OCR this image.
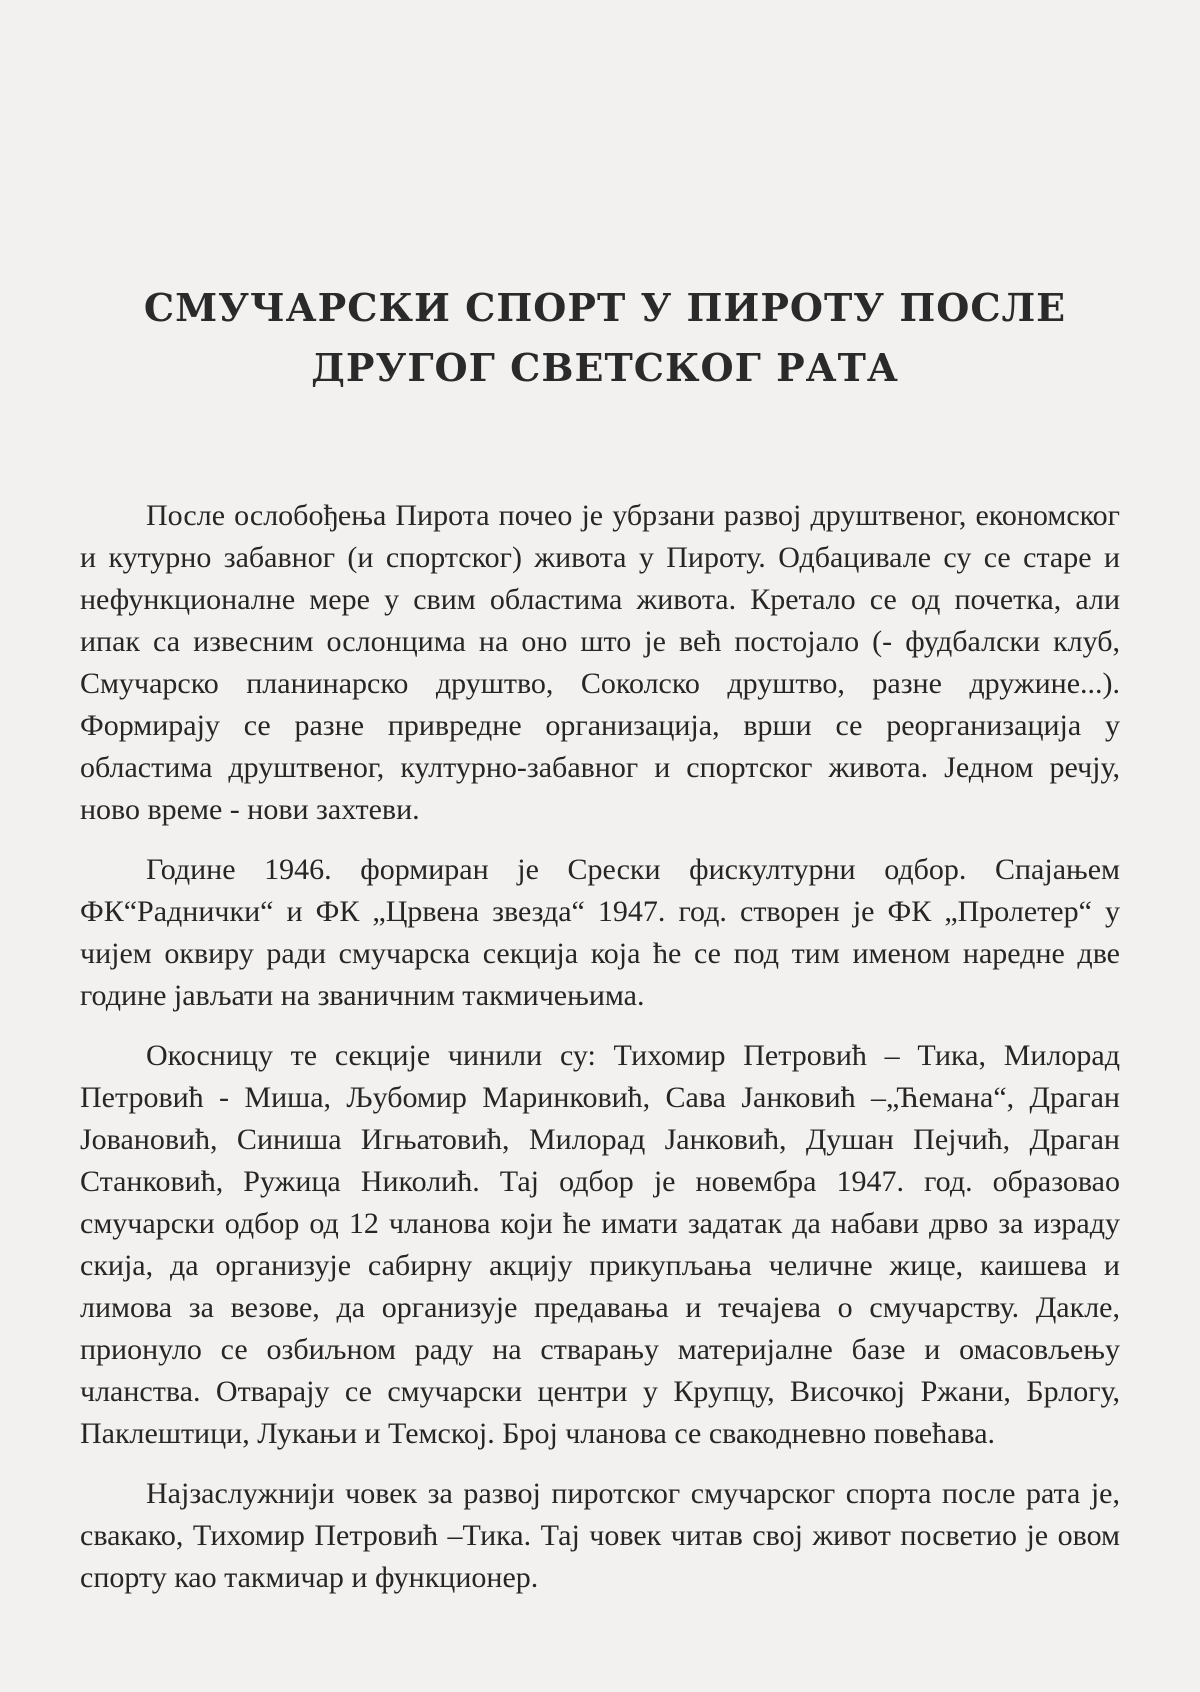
СМУЧАРСКИ СПОРТ У ПИРОТУ ПОСЛЕ
ДРУГОГ СВЕТСКОГ РАТА

После ослобођења Пирота почео је убрзани развој друштвеног, економског и кутурно забавног (и спортског) живота у Пироту. Одбацивале су се старе и нефункционалне мере у свим областима живота. Кретало се од почетка, али ипак са извесним ослонцима на оно што је већ постојало (- фудбалски клуб, Смучарско планинарско друштво, Соколско друштво, разне дружине...). Формирају се разне привредне организација, врши се реорганизација у областима друштвеног, културно-забавног и спортског живота. Једном речју, ново време - нови захтеви.

Године 1946. формиран је Срески фискултурни одбор. Спајањем ФК“Раднички“ и ФК „Црвена звезда“ 1947. год. створен је ФК „Пролетер“ у чијем оквиру ради смучарска секција која ће се под тим именом наредне две године јављати на званичним такмичењима.

Окосницу те секције чинили су: Тихомир Петровић – Тика, Милорад Петровић - Миша, Љубомир Маринковић, Сава Јанковић –„Ћемана“, Драган Јовановић, Синиша Игњатовић, Милорад Јанковић, Душан Пејчић, Драган Станковић, Ружица Николић. Тај одбор је новембра 1947. год. образовао смучарски одбор од 12 чланова који ће имати задатак да набави дрво за израду скија, да организује сабирну акцију прикупљања челичне жице, каишева и лимова за везове, да организује предавања и течајева о смучарству. Дакле, прионуло се озбиљном раду на стварању материјалне базе и омасовљењу чланства. Отварају се смучарски центри у Крупцу, Височкој Ржани, Брлогу, Паклештици, Лукањи и Темској. Број чланова се свакодневно повећава.

Најзаслужнији човек за развој пиротског смучарског спорта после рата је, свакако, Тихомир Петровић –Тика. Тај човек читав свој живот посветио је овом спорту као такмичар и функционер.
